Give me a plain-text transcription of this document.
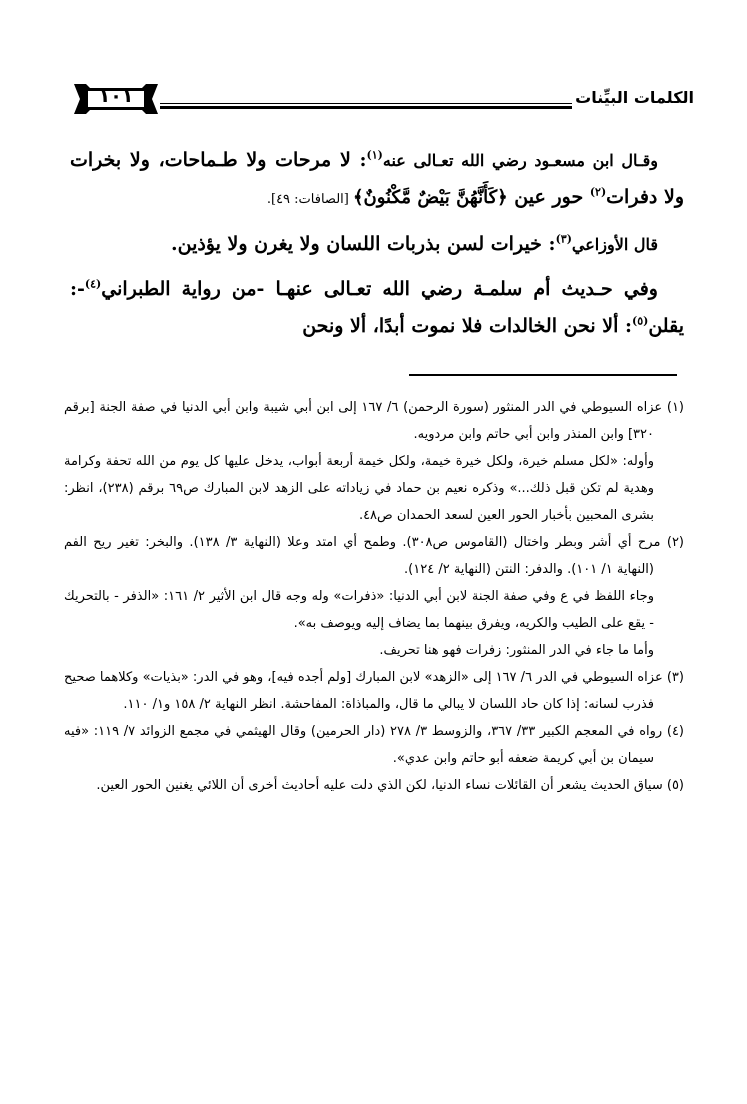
الكلمات البيِّنات
١٠١

وقـال ابن مسعـود رضي الله تعـالى عنه$^{(١)}$: لا مرحات ولا طـماحات، ولا بخرات ولا دفرات$^{(٢)}$ حور عين ﴿كَأَنَّهُنَّ بَيْضٌ مَّكْنُونٌ﴾ [الصافات: ٤٩].

قال الأوزاعي$^{(٣)}$: خيرات لسن بذربات اللسان ولا يغرن ولا يؤذين.

وفي حـديث أم سلمـة رضي الله تعـالى عنهـا -من رواية الطبراني$^{(٤)}$-: يقلن$^{(٥)}$: ألا نحن الخالدات فلا نموت أبدًا، ألا ونحن

(١) عزاه السيوطي في الدر المنثور (سورة الرحمن) ٦/ ١٦٧ إلى ابن أبي شيبة وابن أبي الدنيا في صفة الجنة [برقم ٣٢٠] وابن المنذر وابن أبي حاتم وابن مردويه.

وأوله: «لكل مسلم خيرة، ولكل خيرة خيمة، ولكل خيمة أربعة أبواب، يدخل عليها كل يوم من الله تحفة وكرامة وهدية لم تكن قبل ذلك...» وذكره نعيم بن حماد في زياداته على الزهد لابن المبارك ص٦٩ برقم (٢٣٨)، انظر: بشرى المحبين بأخبار الحور العين لسعد الحمدان ص٤٨.

(٢) مرح أي أشر وبطر واختال (القاموس ص٣٠٨). وطمح أي امتد وعلا (النهاية ٣/ ١٣٨). والبخر: تغير ريح الفم (النهاية ١/ ١٠١). والدفر: النتن (النهاية ٢/ ١٢٤).

وجاء اللفظ في ع وفي صفة الجنة لابن أبي الدنيا: «ذفرات» وله وجه قال ابن الأثير ٢/ ١٦١: «الذفر - بالتحريك - يقع على الطيب والكريه، ويفرق بينهما بما يضاف إليه ويوصف به».

وأما ما جاء في الدر المنثور: زفرات فهو هنا تحريف.

(٣) عزاه السيوطي في الدر ٦/ ١٦٧ إلى «الزهد» لابن المبارك [ولم أجده فيه]، وهو في الدر: «بذيات» وكلاهما صحيح فذرب لسانه: إذا كان حاد اللسان لا يبالي ما قال، والمباذاة: المفاحشة. انظر النهاية ٢/ ١٥٨ و١/ ١١٠.

(٤) رواه في المعجم الكبير ٣٣/ ٣٦٧، والزوسط ٣/ ٢٧٨ (دار الحرمين) وقال الهيثمي في مجمع الزوائد ٧/ ١١٩: «فيه سيمان بن أبي كريمة ضعفه أبو حاتم وابن عدي».

(٥) سياق الحديث يشعر أن القائلات نساء الدنيا، لكن الذي دلت عليه أحاديث أخرى أن اللائي يغنين الحور العين.
